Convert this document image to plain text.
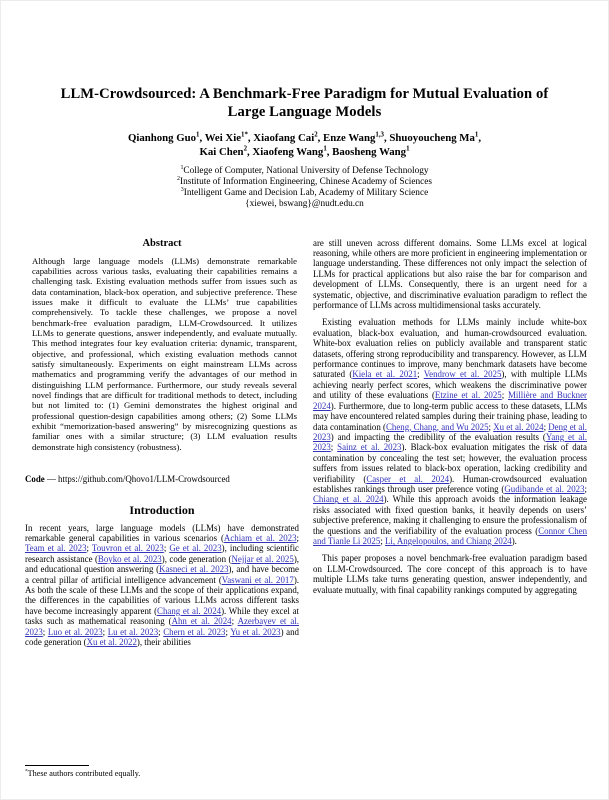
LLM-Crowdsourced: A Benchmark-Free Paradigm for Mutual Evaluation of
Large Language Models
Qianhong Guo$^1$, Wei Xie$^{1*}$, Xiaofang Cai$^2$, Enze Wang$^{1,3}$, Shuoyoucheng Ma$^1$,
Kai Chen$^2$, Xiaofeng Wang$^1$, Baosheng Wang$^1$
$^1$College of Computer, National University of Defense Technology
$^2$Institute of Information Engineering, Chinese Academy of Sciences
$^3$Intelligent Game and Decision Lab, Academy of Military Science
{xiewei, bswang}@nudt.edu.cn
Abstract
Although large language models (LLMs) demonstrate remarkable capabilities across various tasks, evaluating their capabilities remains a challenging task. Existing evaluation methods suffer from issues such as data contamination, black-box operation, and subjective preference. These issues make it difficult to evaluate the LLMs’ true capabilities comprehensively. To tackle these challenges, we propose a novel benchmark-free evaluation paradigm, LLM-Crowdsourced. It utilizes LLMs to generate questions, answer independently, and evaluate mutually. This method integrates four key evaluation criteria: dynamic, transparent, objective, and professional, which existing evaluation methods cannot satisfy simultaneously. Experiments on eight mainstream LLMs across mathematics and programming verify the advantages of our method in distinguishing LLM performance. Furthermore, our study reveals several novel findings that are difficult for traditional methods to detect, including but not limited to: (1) Gemini demonstrates the highest original and professional question-design capabilities among others; (2) Some LLMs exhibit “memorization-based answering” by misrecognizing questions as familiar ones with a similar structure; (3) LLM evaluation results demonstrate high consistency (robustness).

Code — https://github.com/Qhovo1/LLM-Crowdsourced

Introduction

In recent years, large language models (LLMs) have demonstrated remarkable general capabilities in various scenarios (Achiam et al. 2023; Team et al. 2023; Touvron et al. 2023; Ge et al. 2023), including scientific research assistance (Boyko et al. 2023), code generation (Nejjar et al. 2025), and educational question answering (Kasneci et al. 2023), and have become a central pillar of artificial intelligence advancement (Vaswani et al. 2017). As both the scale of these LLMs and the scope of their applications expand, the differences in the capabilities of various LLMs across different tasks have become increasingly apparent (Chang et al. 2024). While they excel at tasks such as mathematical reasoning (Ahn et al. 2024; Azerbayev et al. 2023; Luo et al. 2023; Lu et al. 2023; Chern et al. 2023; Yu et al. 2023) and code generation (Xu et al. 2022), their abilities

are still uneven across different domains. Some LLMs excel at logical reasoning, while others are more proficient in engineering implementation or language understanding. These differences not only impact the selection of LLMs for practical applications but also raise the bar for comparison and development of LLMs. Consequently, there is an urgent need for a systematic, objective, and discriminative evaluation paradigm to reflect the performance of LLMs across multidimensional tasks accurately.

Existing evaluation methods for LLMs mainly include white-box evaluation, black-box evaluation, and human-crowdsourced evaluation. White-box evaluation relies on publicly available and transparent static datasets, offering strong reproducibility and transparency. However, as LLM performance continues to improve, many benchmark datasets have become saturated (Kiela et al. 2021; Vendrow et al. 2025), with multiple LLMs achieving nearly perfect scores, which weakens the discriminative power and utility of these evaluations (Etzine et al. 2025; Millière and Buckner 2024). Furthermore, due to long-term public access to these datasets, LLMs may have encountered related samples during their training phase, leading to data contamination (Cheng, Chang, and Wu 2025; Xu et al. 2024; Deng et al. 2023) and impacting the credibility of the evaluation results (Yang et al. 2023; Sainz et al. 2023). Black-box evaluation mitigates the risk of data contamination by concealing the test set; however, the evaluation process suffers from issues related to black-box operation, lacking credibility and verifiability (Casper et al. 2024). Human-crowdsourced evaluation establishes rankings through user preference voting (Gudibande et al. 2023; Chiang et al. 2024). While this approach avoids the information leakage risks associated with fixed question banks, it heavily depends on users’ subjective preference, making it challenging to ensure the professionalism of the questions and the verifiability of the evaluation process (Connor Chen and Tianle Li 2025; Li, Angelopoulos, and Chiang 2024).

This paper proposes a novel benchmark-free evaluation paradigm based on LLM-Crowdsourced. The core concept of this approach is to have multiple LLMs take turns generating question, answer independently, and evaluate mutually, with final capability rankings computed by aggregating

*These authors contributed equally.
